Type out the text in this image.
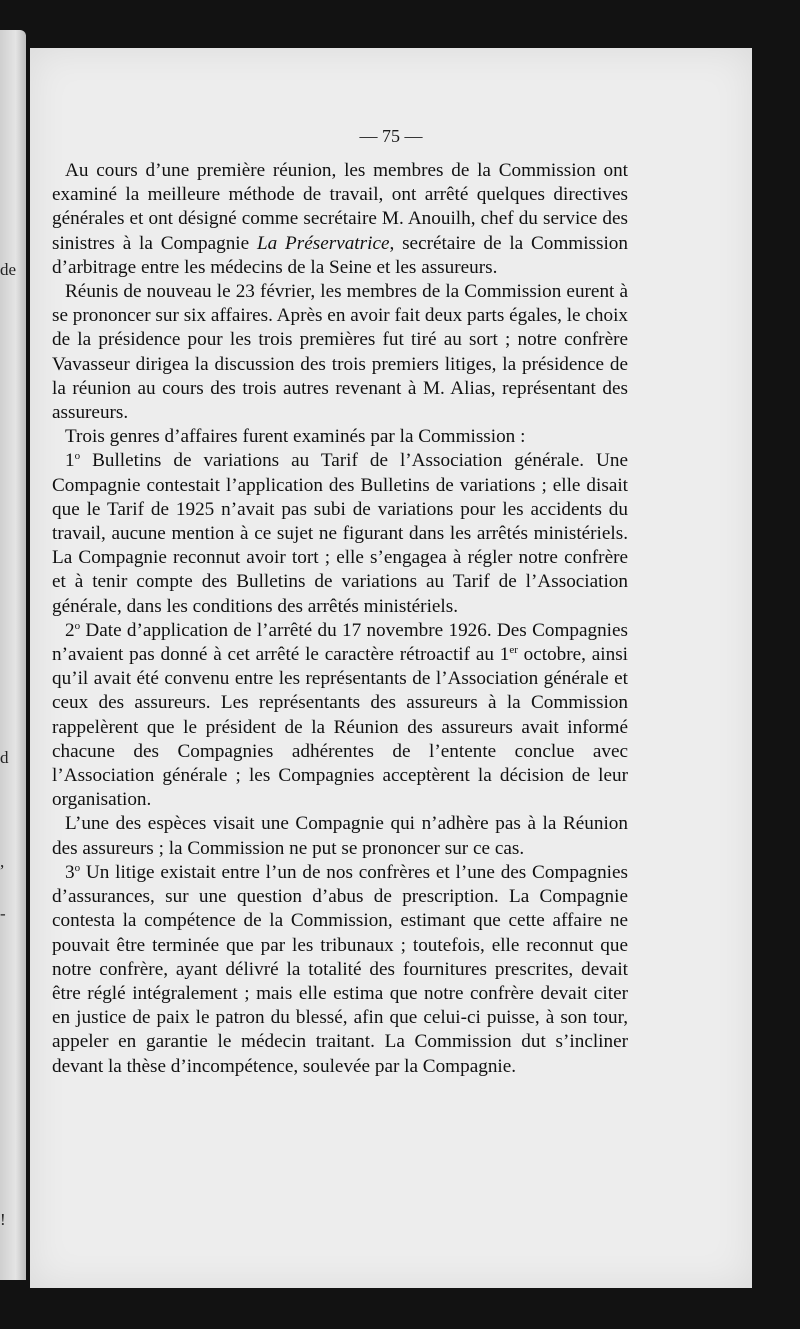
de
d
,
-
!
— 75 —

Au cours d’une première réunion, les membres de la Commission ont examiné la meilleure méthode de travail, ont arrêté quelques directives générales et ont désigné comme secrétaire M. Anouilh, chef du service des sinistres à la Compagnie La Préservatrice, secrétaire de la Commission d’arbitrage entre les médecins de la Seine et les assureurs.

Réunis de nouveau le 23 février, les membres de la Commission eurent à se prononcer sur six affaires. Après en avoir fait deux parts égales, le choix de la présidence pour les trois premières fut tiré au sort ; notre confrère Vavasseur dirigea la discussion des trois premiers litiges, la présidence de la réunion au cours des trois autres revenant à M. Alias, représentant des assureurs.

Trois genres d’affaires furent examinés par la Commission :

1$^o$ Bulletins de variations au Tarif de l’Association générale. Une Compagnie contestait l’application des Bulletins de variations ; elle disait que le Tarif de 1925 n’avait pas subi de variations pour les accidents du travail, aucune mention à ce sujet ne figurant dans les arrêtés ministériels. La Compagnie reconnut avoir tort ; elle s’engagea à régler notre confrère et à tenir compte des Bulletins de variations au Tarif de l’Association générale, dans les conditions des arrêtés ministériels.

2$^o$ Date d’application de l’arrêté du 17 novembre 1926. Des Compagnies n’avaient pas donné à cet arrêté le caractère rétroactif au 1er octobre, ainsi qu’il avait été convenu entre les représentants de l’Association générale et ceux des assureurs. Les représentants des assureurs à la Commission rappelèrent que le président de la Réunion des assureurs avait informé chacune des Compagnies adhérentes de l’entente conclue avec l’Association générale ; les Compagnies acceptèrent la décision de leur organisation.

L’une des espèces visait une Compagnie qui n’adhère pas à la Réunion des assureurs ; la Commission ne put se prononcer sur ce cas.

3$^o$ Un litige existait entre l’un de nos confrères et l’une des Compagnies d’assurances, sur une question d’abus de prescription. La Compagnie contesta la compétence de la Commission, estimant que cette affaire ne pouvait être terminée que par les tribunaux ; toutefois, elle reconnut que notre confrère, ayant délivré la totalité des fournitures prescrites, devait être réglé intégralement ; mais elle estima que notre confrère devait citer en justice de paix le patron du blessé, afin que celui-ci puisse, à son tour, appeler en garantie le médecin traitant. La Commission dut s’incliner devant la thèse d’incompétence, soulevée par la Compagnie.
